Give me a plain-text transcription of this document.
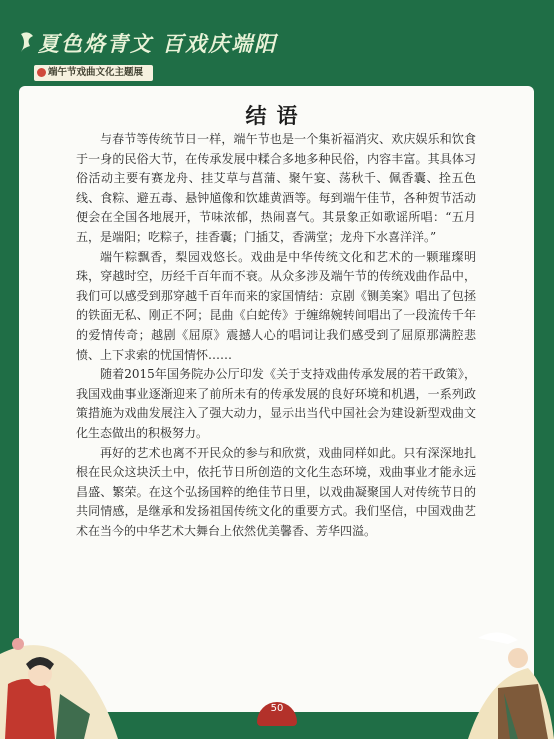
夏色烙青文 百戏庆端阳
端午节戏曲文化主题展
结语

与春节等传统节日一样，端午节也是一个集祈福消灾、欢庆娱乐和饮食于一身的民俗大节，在传承发展中糅合多地多种民俗，内容丰富。其具体习俗活动主要有赛龙舟、挂艾草与菖蒲、聚午宴、荡秋千、佩香囊、拴五色线、食粽、避五毒、悬钟馗像和饮雄黄酒等。每到端午佳节，各种贺节活动便会在全国各地展开，节味浓郁，热闹喜气。其景象正如歌谣所唱：“五月五，是端阳；吃粽子，挂香囊；门插艾，香满堂；龙舟下水喜洋洋。”

端午粽飘香，梨园戏悠长。戏曲是中华传统文化和艺术的一颗璀璨明珠，穿越时空，历经千百年而不衰。从众多涉及端午节的传统戏曲作品中，我们可以感受到那穿越千百年而来的家国情结：京剧《铡美案》唱出了包拯的铁面无私、刚正不阿；昆曲《白蛇传》于缠绵婉转间唱出了一段流传千年的爱情传奇；越剧《屈原》震撼人心的唱词让我们感受到了屈原那满腔悲愤、上下求索的忧国情怀……

随着2015年国务院办公厅印发《关于支持戏曲传承发展的若干政策》，我国戏曲事业逐渐迎来了前所未有的传承发展的良好环境和机遇，一系列政策措施为戏曲发展注入了强大动力，显示出当代中国社会为建设新型戏曲文化生态做出的积极努力。

再好的艺术也离不开民众的参与和欣赏，戏曲同样如此。只有深深地扎根在民众这块沃土中，依托节日所创造的文化生态环境，戏曲事业才能永远昌盛、繁荣。在这个弘扬国粹的绝佳节日里，以戏曲凝聚国人对传统节日的共同情感，是继承和发扬祖国传统文化的重要方式。我们坚信，中国戏曲艺术在当今的中华艺术大舞台上依然优美馨香、芳华四溢。

50
